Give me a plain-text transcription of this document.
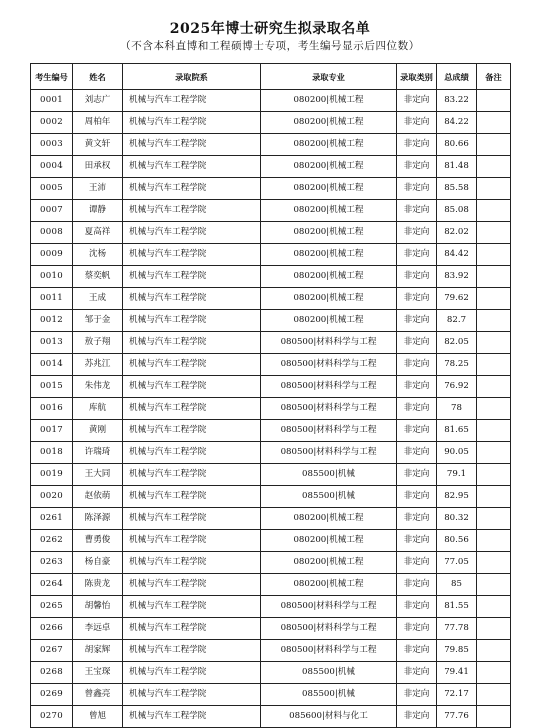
2025年博士研究生拟录取名单
（不含本科直博和工程硕博士专项，考生编号显示后四位数）
考生编号	姓名	录取院系	录取专业	录取类别	总成绩	备注
0001	刘志广	机械与汽车工程学院	080200|机械工程	非定向	83.22	
0002	周柏年	机械与汽车工程学院	080200|机械工程	非定向	84.22	
0003	黄文轩	机械与汽车工程学院	080200|机械工程	非定向	80.66	
0004	田承权	机械与汽车工程学院	080200|机械工程	非定向	81.48	
0005	王沛	机械与汽车工程学院	080200|机械工程	非定向	85.58	
0007	谭静	机械与汽车工程学院	080200|机械工程	非定向	85.08	
0008	夏高祥	机械与汽车工程学院	080200|机械工程	非定向	82.02	
0009	沈杨	机械与汽车工程学院	080200|机械工程	非定向	84.42	
0010	蔡奕帆	机械与汽车工程学院	080200|机械工程	非定向	83.92	
0011	王成	机械与汽车工程学院	080200|机械工程	非定向	79.62	
0012	邹于金	机械与汽车工程学院	080200|机械工程	非定向	82.7	
0013	敖子翔	机械与汽车工程学院	080500|材料科学与工程	非定向	82.05	
0014	苏兆江	机械与汽车工程学院	080500|材料科学与工程	非定向	78.25	
0015	朱伟龙	机械与汽车工程学院	080500|材料科学与工程	非定向	76.92	
0016	库航	机械与汽车工程学院	080500|材料科学与工程	非定向	78	
0017	黄刚	机械与汽车工程学院	080500|材料科学与工程	非定向	81.65	
0018	许瑞琦	机械与汽车工程学院	080500|材料科学与工程	非定向	90.05	
0019	王大同	机械与汽车工程学院	085500|机械	非定向	79.1	
0020	赵依萌	机械与汽车工程学院	085500|机械	非定向	82.95	
0261	陈泽源	机械与汽车工程学院	080200|机械工程	非定向	80.32	
0262	曹勇俊	机械与汽车工程学院	080200|机械工程	非定向	80.56	
0263	杨自豪	机械与汽车工程学院	080200|机械工程	非定向	77.05	
0264	陈贵龙	机械与汽车工程学院	080200|机械工程	非定向	85	
0265	胡馨怡	机械与汽车工程学院	080500|材料科学与工程	非定向	81.55	
0266	李远卓	机械与汽车工程学院	080500|材料科学与工程	非定向	77.78	
0267	胡家辉	机械与汽车工程学院	080500|材料科学与工程	非定向	79.85	
0268	王宝琛	机械与汽车工程学院	085500|机械	非定向	79.41	
0269	曾鑫亮	机械与汽车工程学院	085500|机械	非定向	72.17	
0270	曾旭	机械与汽车工程学院	085600|材料与化工	非定向	77.76	
